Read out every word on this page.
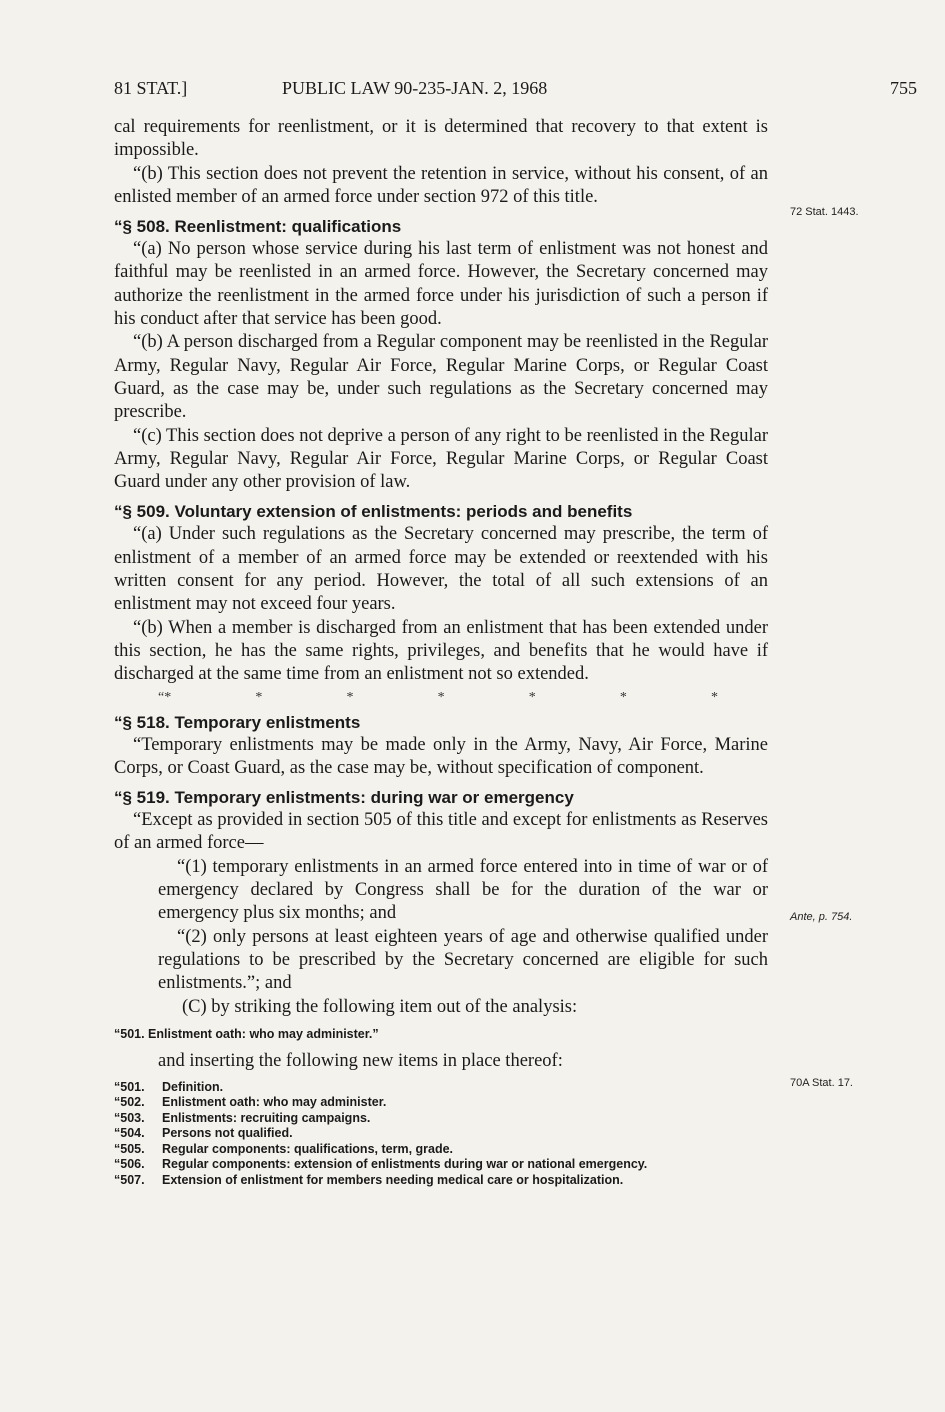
81 STAT.]	PUBLIC LAW 90-235-JAN. 2, 1968	755
72 Stat. 1443.
Ante, p. 754.
70A Stat. 17.

cal requirements for reenlistment, or it is determined that recovery to that extent is impossible.

“(b) This section does not prevent the retention in service, without his consent, of an enlisted member of an armed force under section 972 of this title.

“§ 508. Reenlistment: qualifications

“(a) No person whose service during his last term of enlistment was not honest and faithful may be reenlisted in an armed force. However, the Secretary concerned may authorize the reenlistment in the armed force under his jurisdiction of such a person if his conduct after that service has been good.

“(b) A person discharged from a Regular component may be reenlisted in the Regular Army, Regular Navy, Regular Air Force, Regular Marine Corps, or Regular Coast Guard, as the case may be, under such regulations as the Secretary concerned may prescribe.

“(c) This section does not deprive a person of any right to be reenlisted in the Regular Army, Regular Navy, Regular Air Force, Regular Marine Corps, or Regular Coast Guard under any other provision of law.

“§ 509. Voluntary extension of enlistments: periods and benefits

“(a) Under such regulations as the Secretary concerned may prescribe, the term of enlistment of a member of an armed force may be extended or reextended with his written consent for any period. However, the total of all such extensions of an enlistment may not exceed four years.

“(b) When a member is discharged from an enlistment that has been extended under this section, he has the same rights, privileges, and benefits that he would have if discharged at the same time from an enlistment not so extended.

“*	*	*	*	*	*	*
“§ 518. Temporary enlistments

“Temporary enlistments may be made only in the Army, Navy, Air Force, Marine Corps, or Coast Guard, as the case may be, without specification of component.

“§ 519. Temporary enlistments: during war or emergency

“Except as provided in section 505 of this title and except for enlistments as Reserves of an armed force—

“(1) temporary enlistments in an armed force entered into in time of war or of emergency declared by Congress shall be for the duration of the war or emergency plus six months; and

“(2) only persons at least eighteen years of age and otherwise qualified under regulations to be prescribed by the Secretary concerned are eligible for such enlistments.”; and

(C) by striking the following item out of the analysis:

“501. Enlistment oath: who may administer.”

and inserting the following new items in place thereof:

“501.	Definition.
“502.	Enlistment oath: who may administer.
“503.	Enlistments: recruiting campaigns.
“504.	Persons not qualified.
“505.	Regular components: qualifications, term, grade.
“506.	Regular components: extension of enlistments during war or national emergency.
“507.	Extension of enlistment for members needing medical care or hospitalization.
